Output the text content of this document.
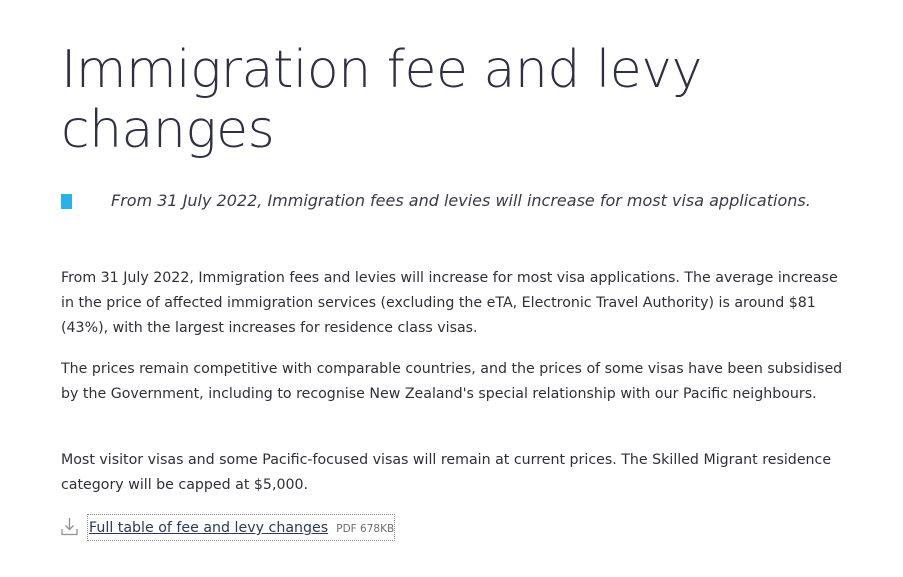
Immigration fee and levy changes

From 31 July 2022, Immigration fees and levies will increase for most visa applications.

From 31 July 2022, Immigration fees and levies will increase for most visa applications. The average increase in the price of affected immigration services (excluding the eTA, Electronic Travel Authority) is around $81 (43%), with the largest increases for residence class visas.

The prices remain competitive with comparable countries, and the prices of some visas have been subsidised by the Government, including to recognise New Zealand's special relationship with our Pacific neighbours.

Most visitor visas and some Pacific-focused visas will remain at current prices. The Skilled Migrant residence category will be capped at $5,000.

Full table of fee and levy changes PDF 678KB
